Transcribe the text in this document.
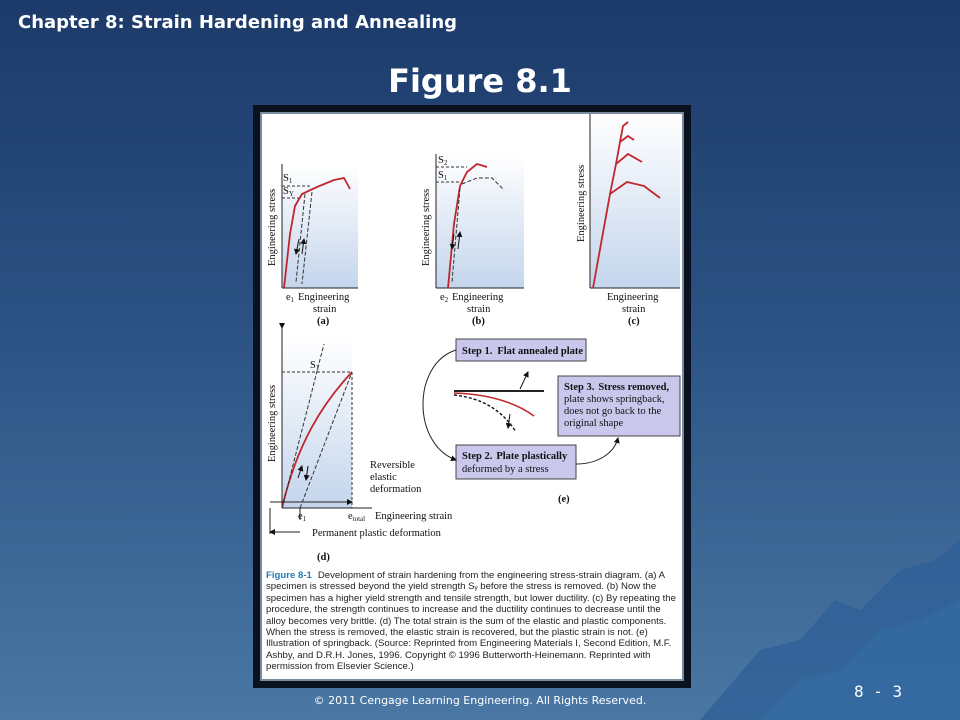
Chapter 8: Strain Hardening and Annealing
Figure 8.1
S1
SY
Engineering stress
e1 Engineering
strain
(a)
S2
S1
Engineering stress
e2 Engineering
strain
(b)
Engineering stress
Engineering
strain
(c)
S1
Engineering stress
e1	etotal Engineering strain
Reversible
elastic
deformation
Permanent plastic deformation
(d)
Step 1. Flat annealed plate
Step 3. Stress removed,
plate shows springback,
does not go back to the
original shape
Step 2. Plate plastically
deformed by a stress
(e)
Figure 8-1 Development of strain hardening from the engineering stress-strain diagram. (a) A specimen is stressed beyond the yield strength Sᵧ before the stress is removed. (b) Now the specimen has a higher yield strength and tensile strength, but lower ductility. (c) By repeating the procedure, the strength continues to increase and the ductility continues to decrease until the alloy becomes very brittle. (d) The total strain is the sum of the elastic and plastic components. When the stress is removed, the elastic strain is recovered, but the plastic strain is not. (e) Illustration of springback. (Source: Reprinted from Engineering Materials I, Second Edition, M.F. Ashby, and D.R.H. Jones, 1996. Copyright © 1996 Butterworth-Heinemann. Reprinted with permission from Elsevier Science.)
© 2011 Cengage Learning Engineering. All Rights Reserved.	8 - 3
